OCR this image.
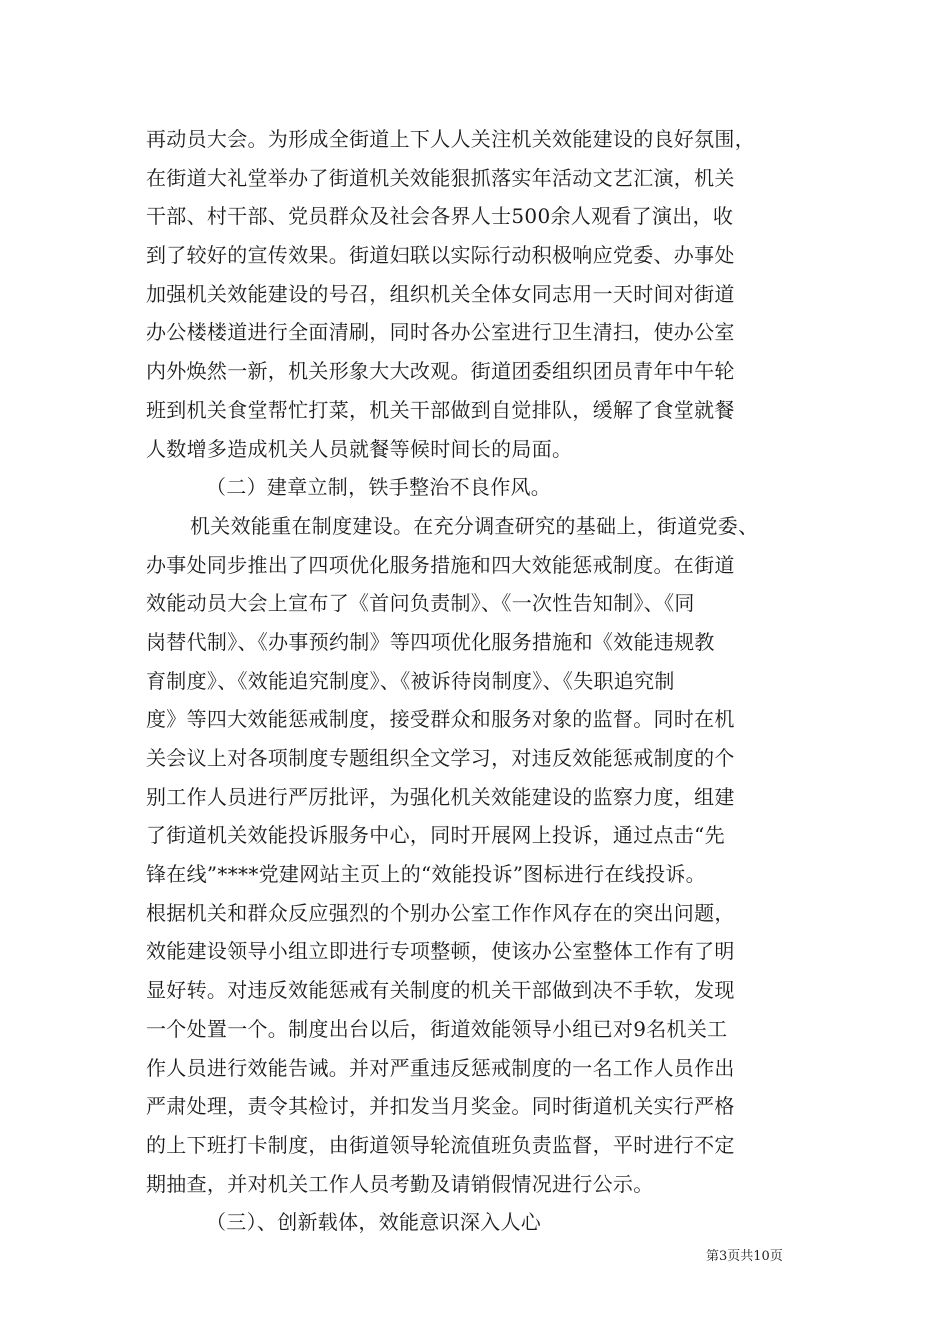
再动员大会。为形成全街道上下人人关注机关效能建设的良好氛围，
在街道大礼堂举办了街道机关效能狠抓落实年活动文艺汇演，机关
干部、村干部、党员群众及社会各界人士500余人观看了演出，收
到了较好的宣传效果。街道妇联以实际行动积极响应党委、办事处
加强机关效能建设的号召，组织机关全体女同志用一天时间对街道
办公楼楼道进行全面清刷，同时各办公室进行卫生清扫，使办公室
内外焕然一新，机关形象大大改观。街道团委组织团员青年中午轮
班到机关食堂帮忙打菜，机关干部做到自觉排队，缓解了食堂就餐
人数增多造成机关人员就餐等候时间长的局面。
（二）建章立制，铁手整治不良作风。
机关效能重在制度建设。在充分调查研究的基础上，街道党委、
办事处同步推出了四项优化服务措施和四大效能惩戒制度。在街道
效能动员大会上宣布了《首问负责制》、《一次性告知制》、《同
岗替代制》、《办事预约制》等四项优化服务措施和《效能违规教
育制度》、《效能追究制度》、《被诉待岗制度》、《失职追究制
度》等四大效能惩戒制度，接受群众和服务对象的监督。同时在机
关会议上对各项制度专题组织全文学习，对违反效能惩戒制度的个
别工作人员进行严厉批评，为强化机关效能建设的监察力度，组建
了街道机关效能投诉服务中心，同时开展网上投诉，通过点击“先
锋在线”****党建网站主页上的“效能投诉”图标进行在线投诉。
根据机关和群众反应强烈的个别办公室工作作风存在的突出问题，
效能建设领导小组立即进行专项整顿，使该办公室整体工作有了明
显好转。对违反效能惩戒有关制度的机关干部做到决不手软，发现
一个处置一个。制度出台以后，街道效能领导小组已对9名机关工
作人员进行效能告诫。并对严重违反惩戒制度的一名工作人员作出
严肃处理，责令其检讨，并扣发当月奖金。同时街道机关实行严格
的上下班打卡制度，由街道领导轮流值班负责监督，平时进行不定
期抽查，并对机关工作人员考勤及请销假情况进行公示。
（三）、创新载体，效能意识深入人心
第3页共10页
